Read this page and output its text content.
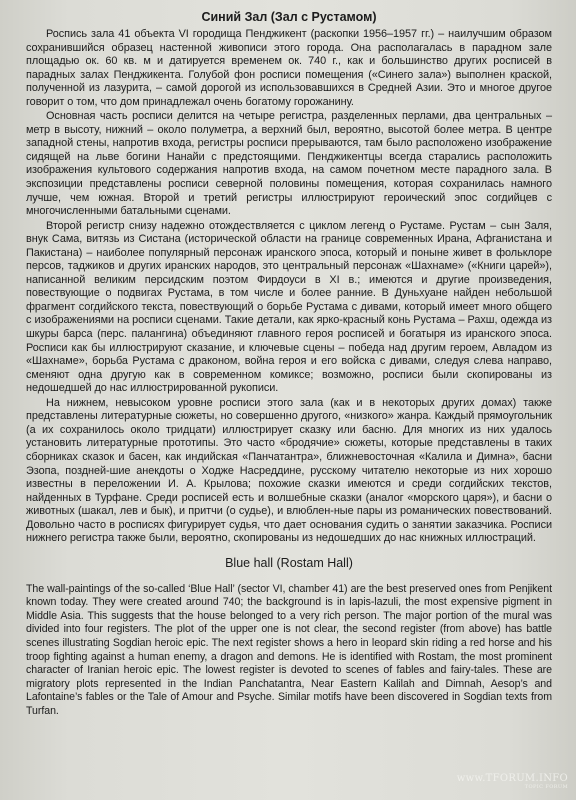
Синий Зал (Зал с Рустамом)

Роспись зала 41 объекта VI городища Пенджикент (раскопки 1956–1957 гг.) – наилучшим образом сохранившийся образец настенной живописи этого города. Она располагалась в парадном зале площадью ок. 60 кв. м и датируется временем ок. 740 г., как и большинство других росписей в парадных залах Пенджикента. Голубой фон росписи помещения («Синего зала») выполнен краской, полученной из лазурита, – самой дорогой из использовавшихся в Средней Азии. Это и многое другое говорит о том, что дом принадлежал очень богатому горожанину.

Основная часть росписи делится на четыре регистра, разделенных перлами, два центральных – метр в высоту, нижний – около полуметра, а верхний был, вероятно, высотой более метра. В центре западной стены, напротив входа, регистры росписи прерываются, там было расположено изображение сидящей на льве богини Нанайи с предстоящими. Пенджикентцы всегда старались расположить изображения культового содержания напротив входа, на самом почетном месте парадного зала. В экспозиции представлены росписи северной половины помещения, которая сохранилась намного лучше, чем южная. Второй и третий регистры иллюстрируют героический эпос согдийцев с многочисленными батальными сценами.

Второй регистр снизу надежно отождествляется с циклом легенд о Рустаме. Рустам – сын Заля, внук Сама, витязь из Систана (исторической области на границе современных Ирана, Афганистана и Пакистана) – наиболее популярный персонаж иранского эпоса, который и поныне живет в фольклоре персов, таджиков и других иранских народов, это центральный персонаж «Шахнаме» («Книги царей»), написанной великим персидским поэтом Фирдоуси в XI в.; имеются и другие произведения, повествующие о подвигах Рустама, в том числе и более ранние. В Дуньхуане найден небольшой фрагмент согдийского текста, повествующий о борьбе Рустама с дивами, который имеет много общего с изображениями на росписи сценами. Такие детали, как ярко-красный конь Рустама – Рахш, одежда из шкуры барса (перс. палангина) объединяют главного героя росписей и богатыря из иранского эпоса. Росписи как бы иллюстрируют сказание, и ключевые сцены – победа над другим героем, Авладом из «Шахнаме», борьба Рустама с драконом, война героя и его войска с дивами, следуя слева направо, сменяют одна другую как в современном комиксе; возможно, росписи были скопированы из недошедшей до нас иллюстрированной рукописи.

На нижнем, невысоком уровне росписи этого зала (как и в некоторых других домах) также представлены литературные сюжеты, но совершенно другого, «низкого» жанра. Каждый прямоугольник (а их сохранилось около тридцати) иллюстрирует сказку или басню. Для многих из них удалось установить литературные прототипы. Это часто «бродячие» сюжеты, которые представлены в таких сборниках сказок и басен, как индийская «Панчатантра», ближневосточная «Калила и Димна», басни Эзопа, поздней-шие анекдоты о Ходже Насреддине, русскому читателю некоторые из них хорошо известны в переложении И. А. Крылова; похожие сказки имеются и среди согдийских текстов, найденных в Турфане. Среди росписей есть и волшебные сказки (аналог «морского царя»), и басни о животных (шакал, лев и бык), и притчи (о судье), и влюблен-ные пары из романических повествований. Довольно часто в росписях фигурирует судья, что дает основания судить о занятии заказчика. Росписи нижнего регистра также были, вероятно, скопированы из недошедших до нас книжных иллюстраций.

Blue hall (Rostam Hall)

The wall-paintings of the so-called ‘Blue Hall’ (sector VI, chamber 41) are the best preserved ones from Penjikent known today. They were created around 740; the background is in lapis-lazuli, the most expensive pigment in Middle Asia. This suggests that the house belonged to a very rich person. The major portion of the mural was divided into four registers. The plot of the upper one is not clear, the second register (from above) has battle scenes illustrating Sogdian heroic epic. The next register shows a hero in leopard skin riding a red horse and his troop fighting against a human enemy, a dragon and demons. He is identified with Rostam, the most prominent character of Iranian heroic epic. The lowest register is devoted to scenes of fables and fairy-tales. These are migratory plots represented in the Indian Panchatantra, Near Eastern Kalilah and Dimnah, Aesop’s and Lafontaine’s fables or the Tale of Amour and Psyche. Similar motifs have been discovered in Sogdian texts from Turfan.

www.TFORUM.INFO
TOPIC FORUM
